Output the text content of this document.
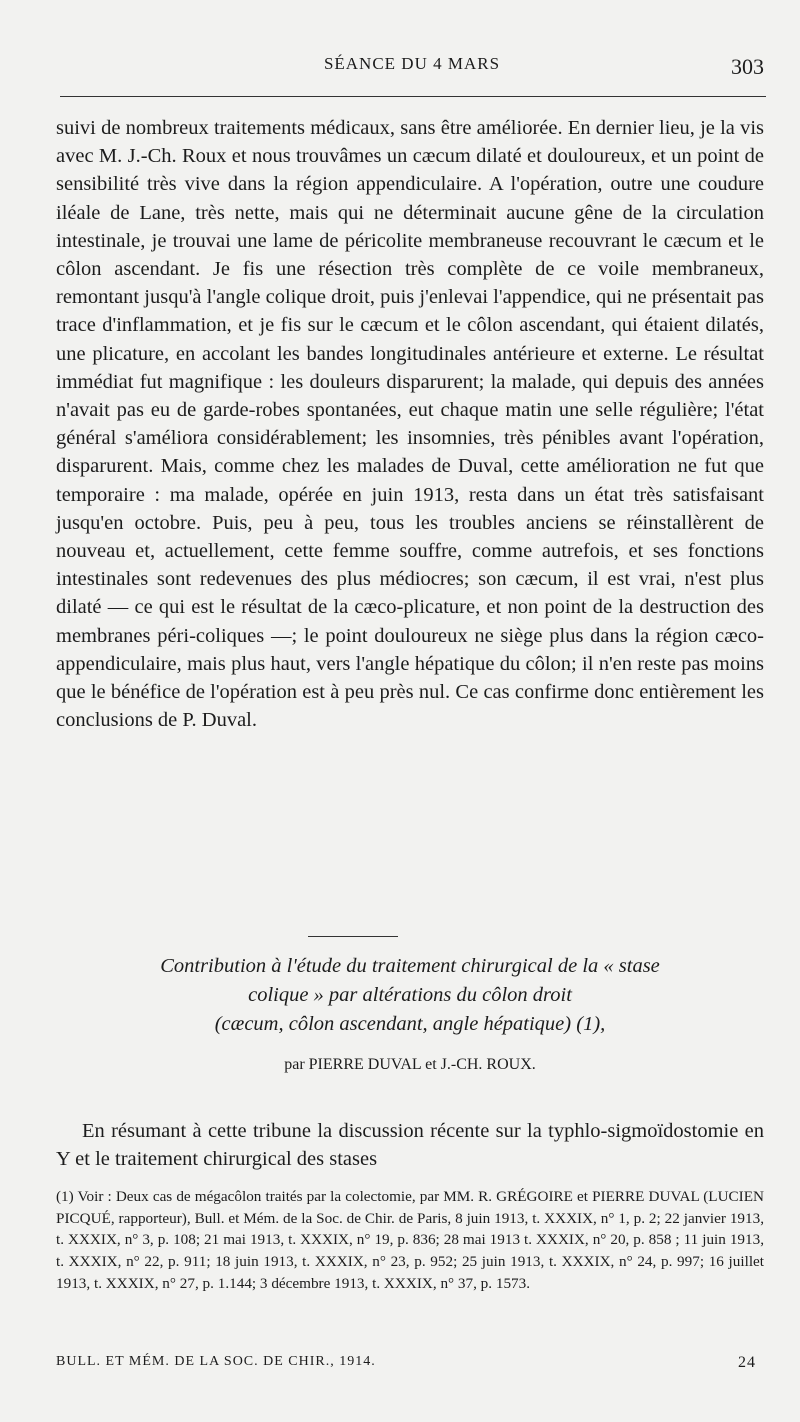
SÉANCE DU 4 MARS	303

suivi de nombreux traitements médicaux, sans être améliorée. En dernier lieu, je la vis avec M. J.-Ch. Roux et nous trouvâmes un cæcum dilaté et douloureux, et un point de sensibilité très vive dans la région appendiculaire. A l'opération, outre une coudure iléale de Lane, très nette, mais qui ne déterminait aucune gêne de la circulation intestinale, je trouvai une lame de péricolite membraneuse recouvrant le cæcum et le côlon ascendant. Je fis une résection très complète de ce voile membraneux, remontant jusqu'à l'angle colique droit, puis j'enlevai l'appendice, qui ne présentait pas trace d'inflammation, et je fis sur le cæcum et le côlon ascendant, qui étaient dilatés, une plicature, en accolant les bandes longitudinales antérieure et externe. Le résultat immédiat fut magnifique : les douleurs disparurent; la malade, qui depuis des années n'avait pas eu de garde-robes spontanées, eut chaque matin une selle régulière; l'état général s'améliora considérablement; les insomnies, très pénibles avant l'opération, disparurent. Mais, comme chez les malades de Duval, cette amélioration ne fut que temporaire : ma malade, opérée en juin 1913, resta dans un état très satisfaisant jusqu'en octobre. Puis, peu à peu, tous les troubles anciens se réinstallèrent de nouveau et, actuellement, cette femme souffre, comme autrefois, et ses fonctions intestinales sont redevenues des plus médiocres; son cæcum, il est vrai, n'est plus dilaté — ce qui est le résultat de la cæco-plicature, et non point de la destruction des membranes péri-coliques —; le point douloureux ne siège plus dans la région cæco-appendiculaire, mais plus haut, vers l'angle hépatique du côlon; il n'en reste pas moins que le bénéfice de l'opération est à peu près nul. Ce cas confirme donc entièrement les conclusions de P. Duval.

Contribution à l'étude du traitement chirurgical de la « stase
colique » par altérations du côlon droit
(cæcum, côlon ascendant, angle hépatique) (1),
par PIERRE DUVAL et J.-CH. ROUX.

En résumant à cette tribune la discussion récente sur la typhlo-sigmoïdostomie en Y et le traitement chirurgical des stases

(1) Voir : Deux cas de mégacôlon traités par la colectomie, par MM. R. GRÉGOIRE et PIERRE DUVAL (LUCIEN PICQUÉ, rapporteur), Bull. et Mém. de la Soc. de Chir. de Paris, 8 juin 1913, t. XXXIX, n° 1, p. 2; 22 janvier 1913, t. XXXIX, n° 3, p. 108; 21 mai 1913, t. XXXIX, n° 19, p. 836; 28 mai 1913 t. XXXIX, n° 20, p. 858 ; 11 juin 1913, t. XXXIX, n° 22, p. 911; 18 juin 1913, t. XXXIX, n° 23, p. 952; 25 juin 1913, t. XXXIX, n° 24, p. 997; 16 juillet 1913, t. XXXIX, n° 27, p. 1.144; 3 décembre 1913, t. XXXIX, n° 37, p. 1573.

BULL. ET MÉM. DE LA SOC. DE CHIR., 1914.	24
